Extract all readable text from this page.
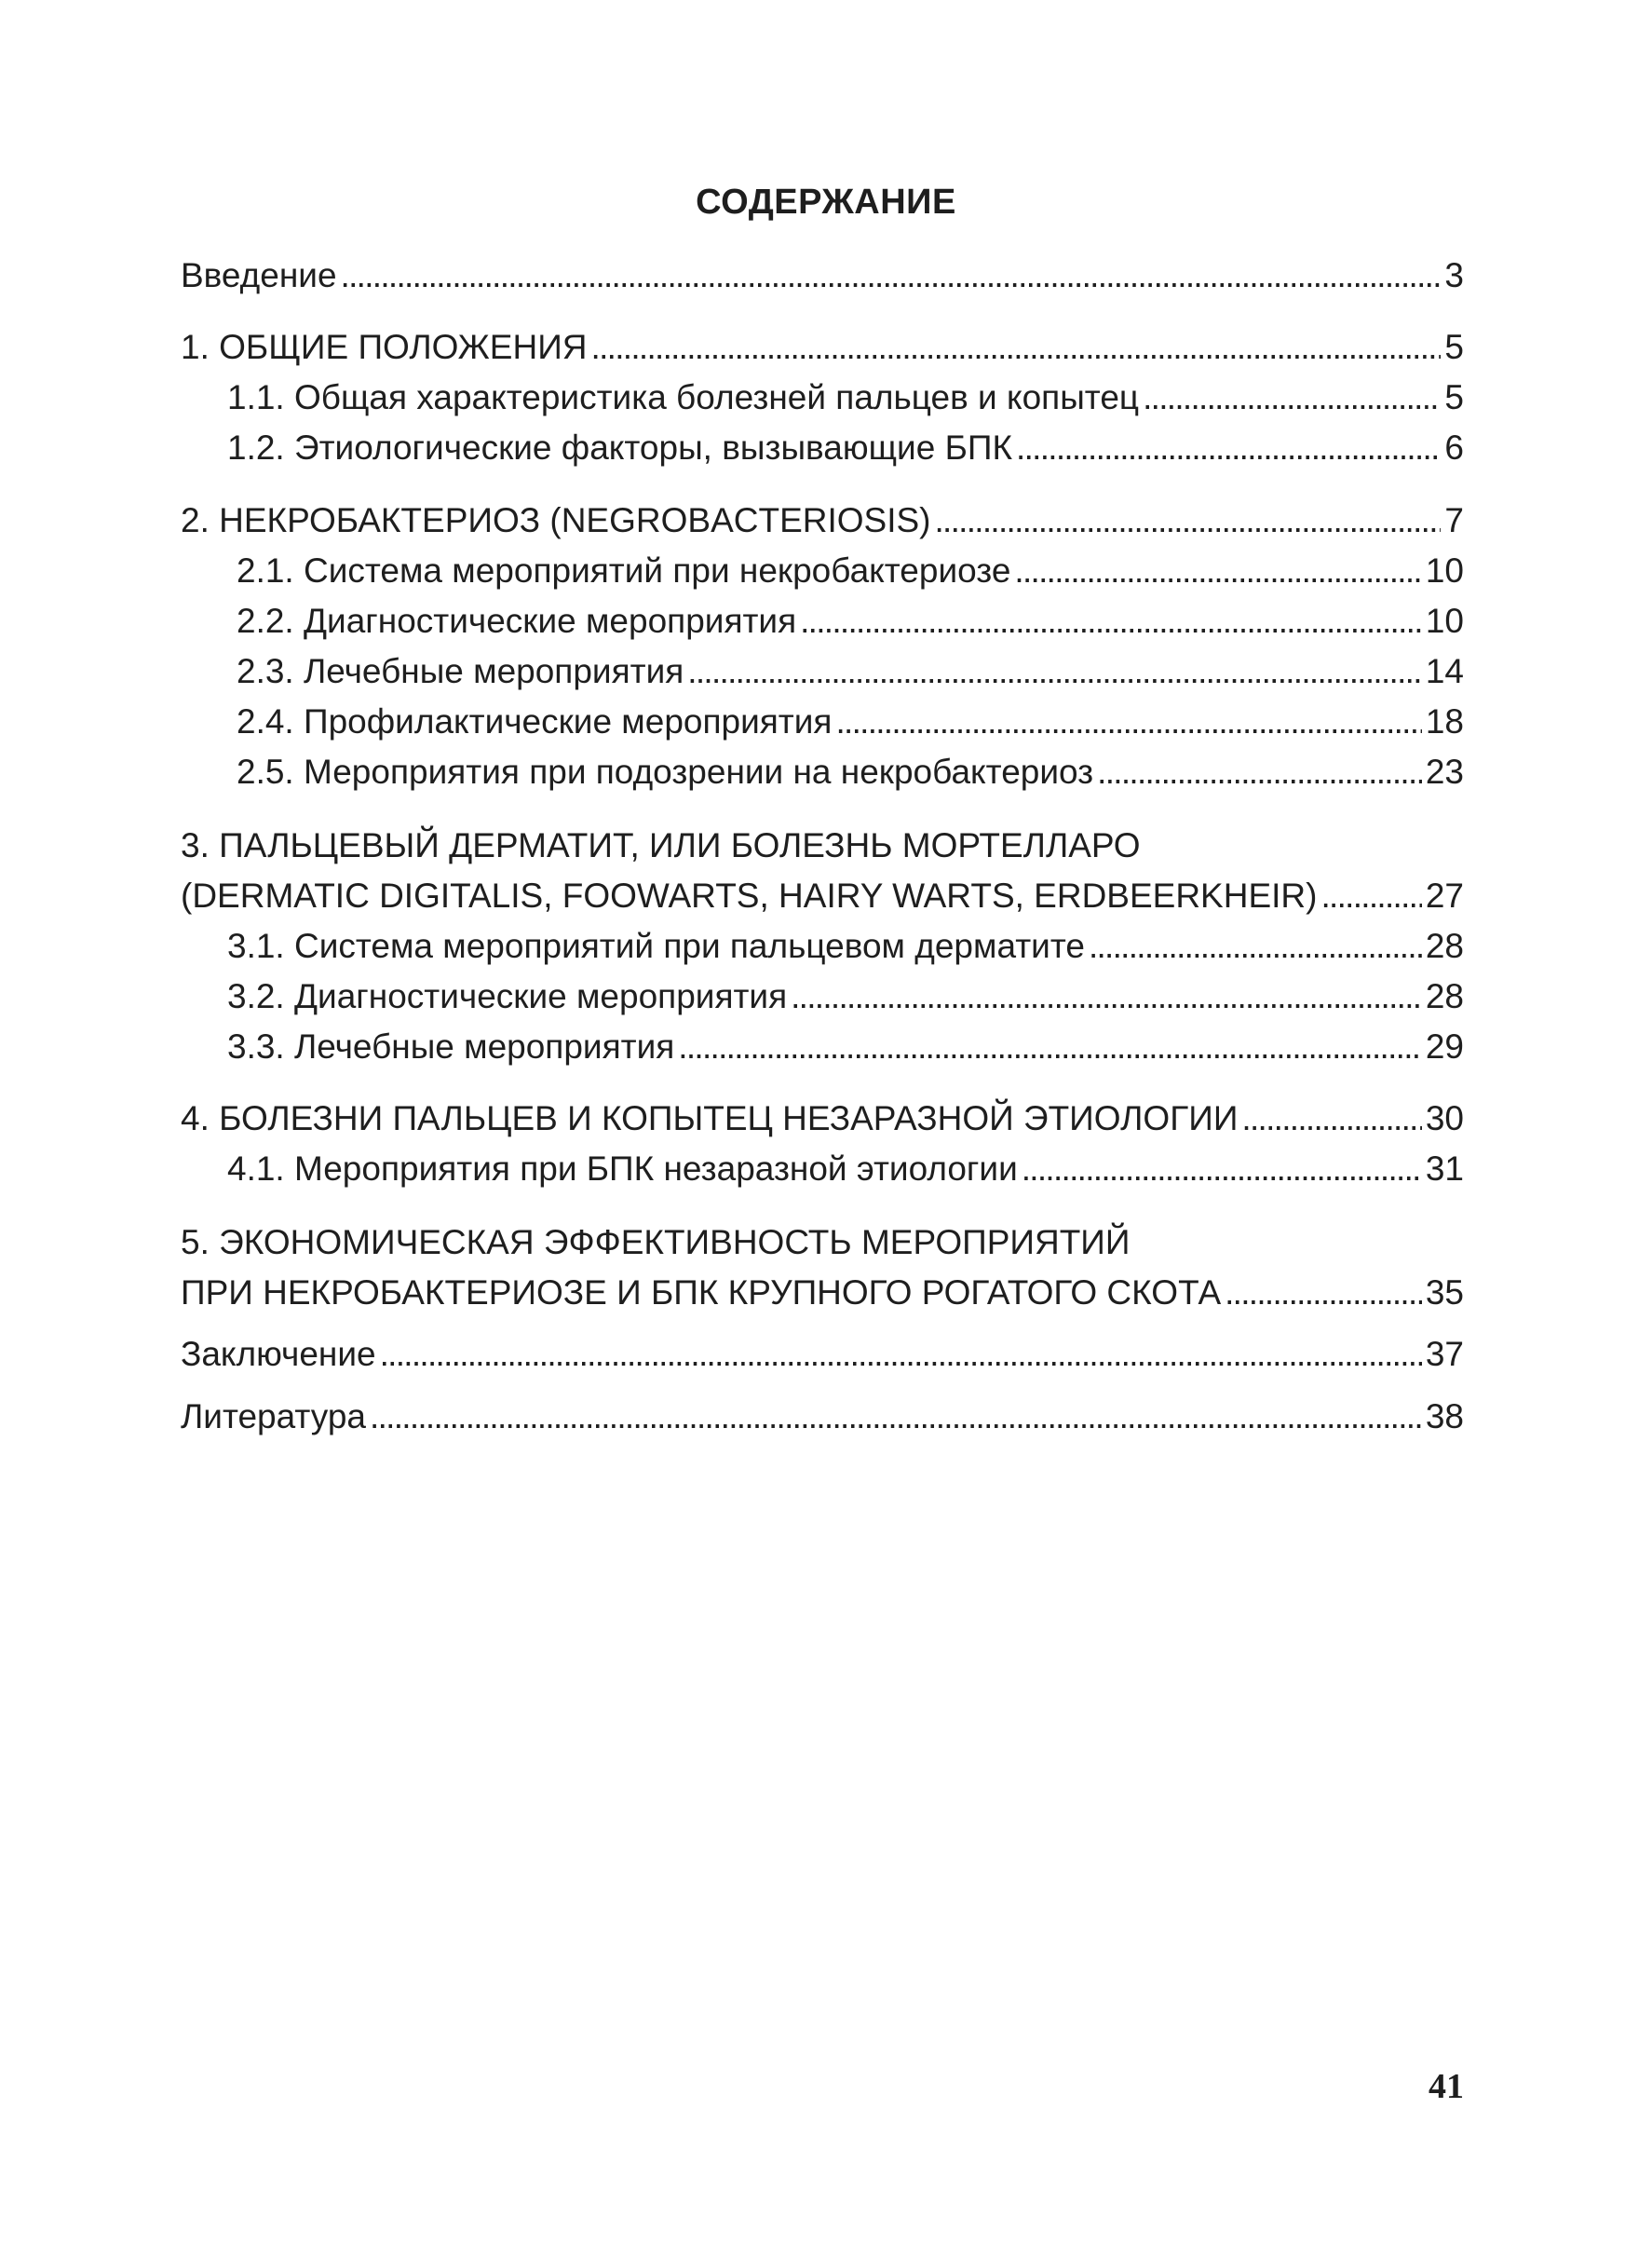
СОДЕРЖАНИЕ
Введение . . .	3
1. ОБЩИЕ ПОЛОЖЕНИЯ . . .	5
1.1. Общая характеристика болезней пальцев и копытец . . .	5
1.2. Этиологические факторы, вызывающие БПК . . .	6
2. НЕКРОБАКТЕРИОЗ (NEGROBACTERIOSIS) . . .	7
2.1. Система мероприятий при некробактериозе . . .	10
2.2. Диагностические мероприятия . . .	10
2.3. Лечебные мероприятия . . .	14
2.4. Профилактические мероприятия . . .	18
2.5. Мероприятия при подозрении на некробактериоз . . .	23
3. ПАЛЬЦЕВЫЙ ДЕРМАТИТ, ИЛИ БОЛЕЗНЬ МОРТЕЛЛАРО
(DERMATIC DIGITALIS, FOOWARTS, HAIRY WARTS, ERDBEERKHEIR) . . .	27
3.1. Система мероприятий при пальцевом дерматите . . .	28
3.2. Диагностические мероприятия . . .	28
3.3. Лечебные мероприятия . . .	29
4. БОЛЕЗНИ ПАЛЬЦЕВ И КОПЫТЕЦ НЕЗАРАЗНОЙ ЭТИОЛОГИИ . . .	30
4.1. Мероприятия при БПК незаразной этиологии . . .	31
5. ЭКОНОМИЧЕСКАЯ ЭФФЕКТИВНОСТЬ МЕРОПРИЯТИЙ
ПРИ НЕКРОБАКТЕРИОЗЕ И БПК КРУПНОГО РОГАТОГО СКОТА . . .	35
Заключение . . .	37
Литература . . .	38
41
